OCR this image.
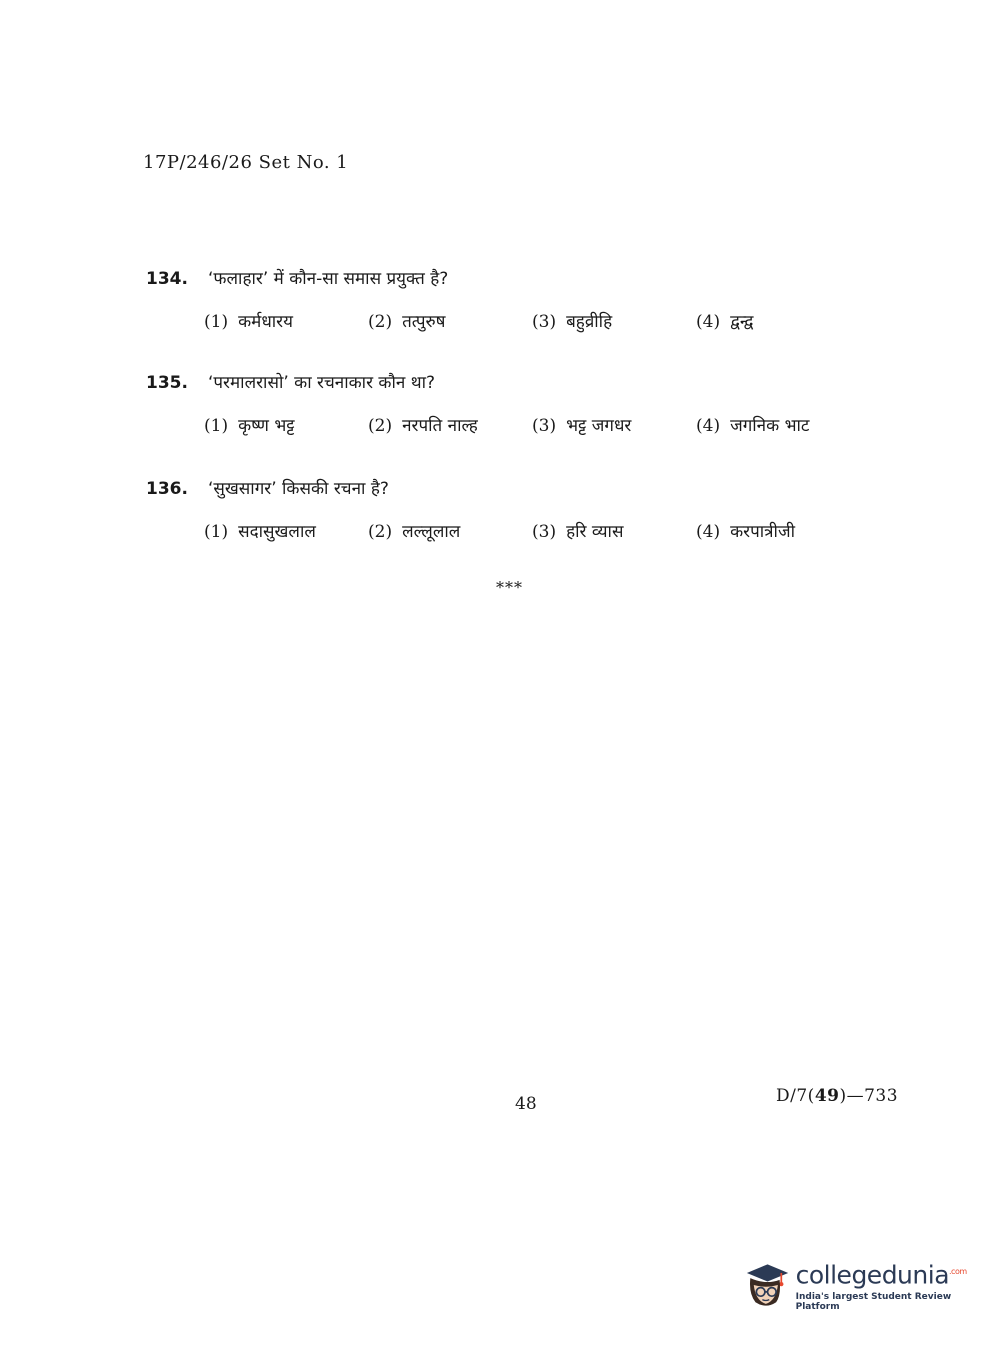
17P/246/26 Set No. 1
134.	‘फलाहार’ में कौन-सा समास प्रयुक्त है?
(1) कर्मधारय	(2) तत्पुरुष	(3) बहुव्रीहि	(4) द्वन्द्व
135.	‘परमालरासो’ का रचनाकार कौन था?
(1) कृष्ण भट्ट	(2) नरपति नाल्ह	(3) भट्ट जगधर	(4) जगनिक भाट
136.	‘सुखसागर’ किसकी रचना है?
(1) सदासुखलाल	(2) लल्लूलाल	(3) हरि व्यास	(4) करपात्रीजी
***
48	D/7(49)—733
collegedunia$^{.com}$
India's largest Student Review Platform
